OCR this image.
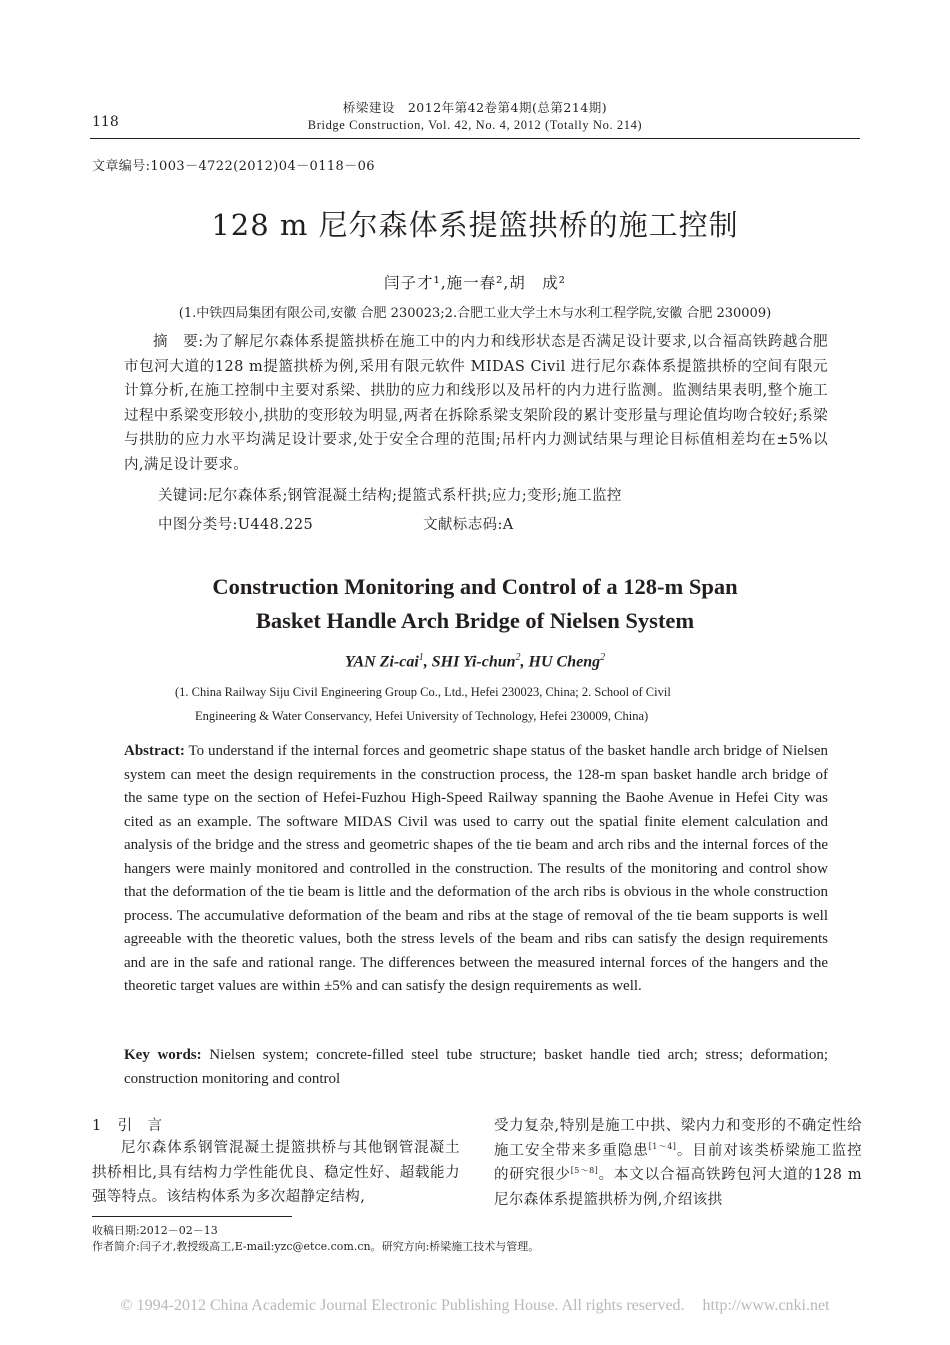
118
桥梁建设　2012年第42卷第4期(总第214期)
Bridge Construction, Vol. 42, No. 4, 2012 (Totally No. 214)
文章编号:1003－4722(2012)04－0118－06
128 m 尼尔森体系提篮拱桥的施工控制
闫子才¹,施一春²,胡　成²
(1.中铁四局集团有限公司,安徽 合肥 230023;2.合肥工业大学土木与水利工程学院,安徽 合肥 230009)
摘　要:为了解尼尔森体系提篮拱桥在施工中的内力和线形状态是否满足设计要求,以合福高铁跨越合肥市包河大道的128 m提篮拱桥为例,采用有限元软件 MIDAS Civil 进行尼尔森体系提篮拱桥的空间有限元计算分析,在施工控制中主要对系梁、拱肋的应力和线形以及吊杆的内力进行监测。监测结果表明,整个施工过程中系梁变形较小,拱肋的变形较为明显,两者在拆除系梁支架阶段的累计变形量与理论值均吻合较好;系梁与拱肋的应力水平均满足设计要求,处于安全合理的范围;吊杆内力测试结果与理论目标值相差均在±5%以内,满足设计要求。
关键词:尼尔森体系;钢管混凝土结构;提篮式系杆拱;应力;变形;施工监控
中图分类号:U448.225	文献标志码:A
Construction Monitoring and Control of a 128-m Span
Basket Handle Arch Bridge of Nielsen System
YAN Zi-cai$^1$, SHI Yi-chun$^2$, HU Cheng$^2$
(1. China Railway Siju Civil Engineering Group Co., Ltd., Hefei 230023, China; 2. School of Civil
Engineering & Water Conservancy, Hefei University of Technology, Hefei 230009, China)
Abstract: To understand if the internal forces and geometric shape status of the basket handle arch bridge of Nielsen system can meet the design requirements in the construction process, the 128-m span basket handle arch bridge of the same type on the section of Hefei-Fuzhou High-Speed Railway spanning the Baohe Avenue in Hefei City was cited as an example. The software MIDAS Civil was used to carry out the spatial finite element calculation and analysis of the bridge and the stress and geometric shapes of the tie beam and arch ribs and the internal forces of the hangers were mainly monitored and controlled in the construction. The results of the monitoring and control show that the deformation of the tie beam is little and the deformation of the arch ribs is obvious in the whole construction process. The accumulative deformation of the beam and ribs at the stage of removal of the tie beam supports is well agreeable with the theoretic values, both the stress levels of the beam and ribs can satisfy the design requirements and are in the safe and rational range. The differences between the measured internal forces of the hangers and the theoretic target values are within ±5% and can satisfy the design requirements as well.
Key words: Nielsen system; concrete-filled steel tube structure; basket handle tied arch; stress; deformation; construction monitoring and control
1 引　言
尼尔森体系钢管混凝土提篮拱桥与其他钢管混凝土拱桥相比,具有结构力学性能优良、稳定性好、超载能力强等特点。该结构体系为多次超静定结构,
受力复杂,特别是施工中拱、梁内力和变形的不确定性给施工安全带来多重隐患[1～4]。目前对该类桥梁施工监控的研究很少[5～8]。本文以合福高铁跨包河大道的128 m尼尔森体系提篮拱桥为例,介绍该拱
收稿日期:2012－02－13
作者简介:闫子才,教授级高工,E-mail:yzc@etce.com.cn。研究方向:桥梁施工技术与管理。
© 1994-2012 China Academic Journal Electronic Publishing House. All rights reserved. http://www.cnki.net
